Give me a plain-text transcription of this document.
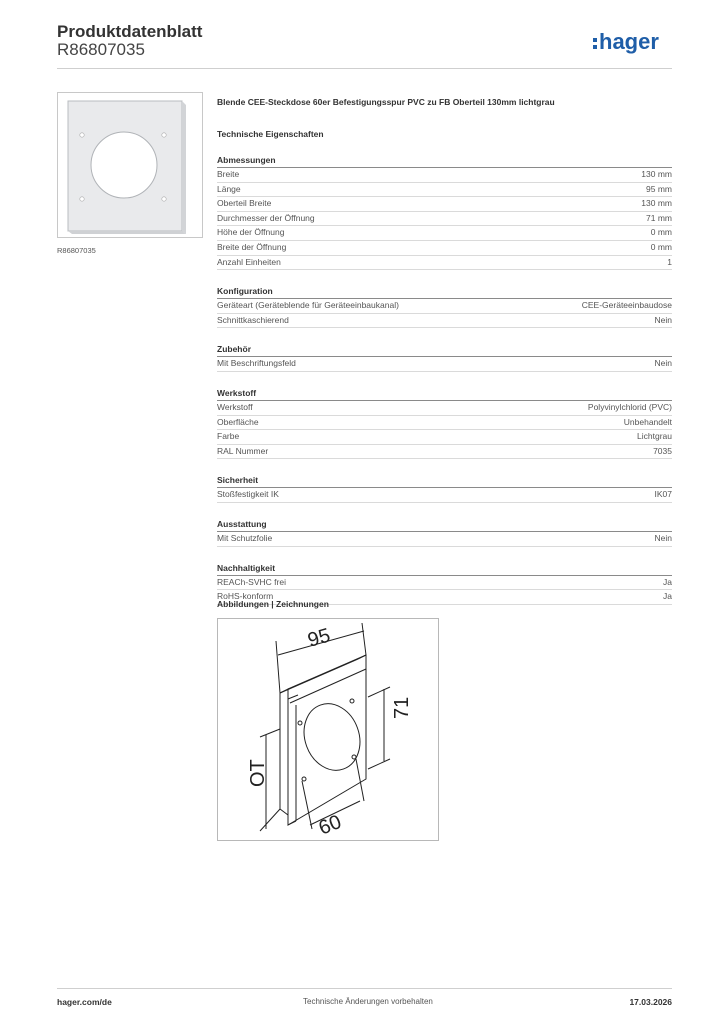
Produktdatenblatt
R86807035	hager
R86807035
Blende CEE-Steckdose 60er Befestigungsspur PVC zu FB Oberteil 130mm lichtgrau
Technische Eigenschaften
Abmessungen
Breite	130 mm
Länge	95 mm
Oberteil Breite	130 mm
Durchmesser der Öffnung	71 mm
Höhe der Öffnung	0 mm
Breite der Öffnung	0 mm
Anzahl Einheiten	1
Konfiguration
Geräteart (Geräteblende für Geräteeinbaukanal)	CEE-Geräteeinbaudose
Schnittkaschierend	Nein
Zubehör
Mit Beschriftungsfeld	Nein
Werkstoff
Werkstoff	Polyvinylchlorid (PVC)
Oberfläche	Unbehandelt
Farbe	Lichtgrau
RAL Nummer	7035
Sicherheit
Stoßfestigkeit IK	IK07
Ausstattung
Mit Schutzfolie	Nein
Nachhaltigkeit
REACh-SVHC frei	Ja
RoHS-konform	Ja
Abbildungen | Zeichnungen
95
71
OT
60
hager.com/de	Technische Änderungen vorbehalten	17.03.2026
